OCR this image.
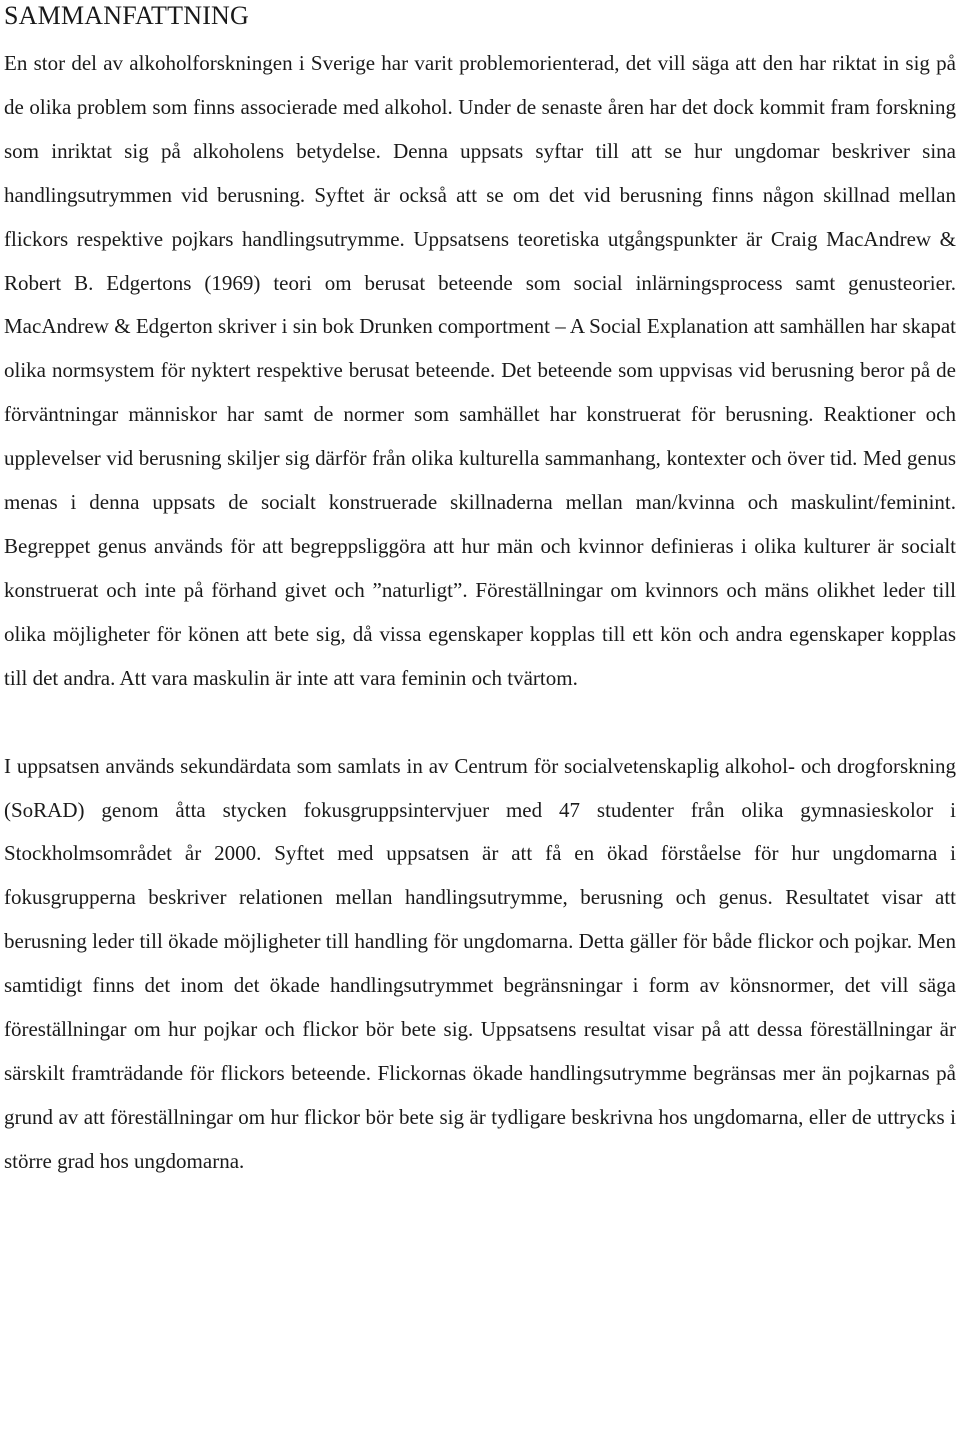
SAMMANFATTNING

En stor del av alkoholforskningen i Sverige har varit problemorienterad, det vill säga att den har riktat in sig på de olika problem som finns associerade med alkohol. Under de senaste åren har det dock kommit fram forskning som inriktat sig på alkoholens betydelse. Denna uppsats syftar till att se hur ungdomar beskriver sina handlingsutrymmen vid berusning. Syftet är också att se om det vid berusning finns någon skillnad mellan flickors respektive pojkars handlingsutrymme. Uppsatsens teoretiska utgångspunkter är Craig MacAndrew & Robert B. Edgertons (1969) teori om berusat beteende som social inlärningsprocess samt genusteorier. MacAndrew & Edgerton skriver i sin bok Drunken comportment – A Social Explanation att samhällen har skapat olika normsystem för nyktert respektive berusat beteende. Det beteende som uppvisas vid berusning beror på de förväntningar människor har samt de normer som samhället har konstruerat för berusning. Reaktioner och upplevelser vid berusning skiljer sig därför från olika kulturella sammanhang, kontexter och över tid. Med genus menas i denna uppsats de socialt konstruerade skillnaderna mellan man/kvinna och maskulint/feminint. Begreppet genus används för att begreppsliggöra att hur män och kvinnor definieras i olika kulturer är socialt konstruerat och inte på förhand givet och ”naturligt”. Föreställningar om kvinnors och mäns olikhet leder till olika möjligheter för könen att bete sig, då vissa egenskaper kopplas till ett kön och andra egenskaper kopplas till det andra. Att vara maskulin är inte att vara feminin och tvärtom.

I uppsatsen används sekundärdata som samlats in av Centrum för socialvetenskaplig alkohol- och drogforskning (SoRAD) genom åtta stycken fokusgruppsintervjuer med 47 studenter från olika gymnasieskolor i Stockholmsområdet år 2000. Syftet med uppsatsen är att få en ökad förståelse för hur ungdomarna i fokusgrupperna beskriver relationen mellan handlingsutrymme, berusning och genus. Resultatet visar att berusning leder till ökade möjligheter till handling för ungdomarna. Detta gäller för både flickor och pojkar. Men samtidigt finns det inom det ökade handlingsutrymmet begränsningar i form av könsnormer, det vill säga föreställningar om hur pojkar och flickor bör bete sig. Uppsatsens resultat visar på att dessa föreställningar är särskilt framträdande för flickors beteende. Flickornas ökade handlingsutrymme begränsas mer än pojkarnas på grund av att föreställningar om hur flickor bör bete sig är tydligare beskrivna hos ungdomarna, eller de uttrycks i större grad hos ungdomarna.
